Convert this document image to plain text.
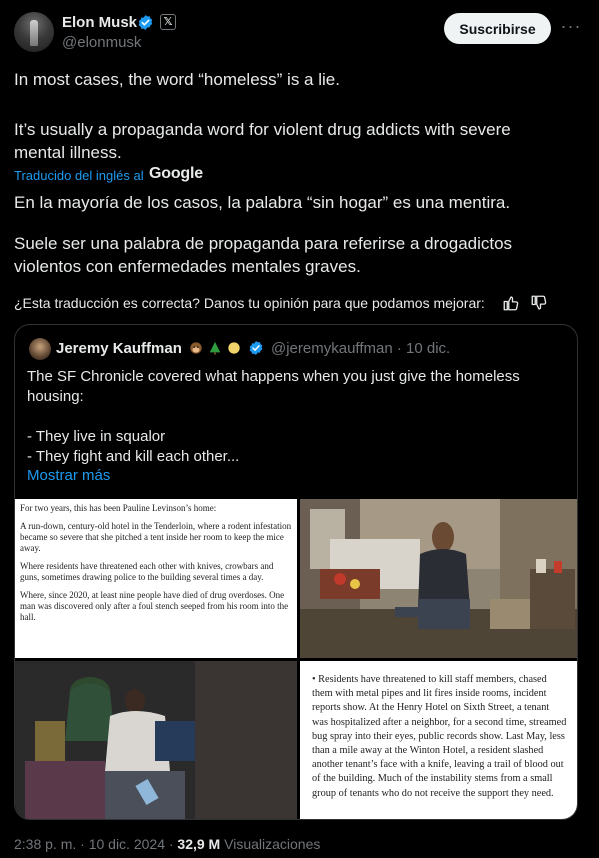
Elon Musk	𝕏
@elonmusk
Suscribirse	···
In most cases, the word “homeless” is a lie.
It’s usually a propaganda word for violent drug addicts with severe mental illness.
Traducido del inglés al Google
En la mayoría de los casos, la palabra “sin hogar” es una mentira.
Suele ser una palabra de propaganda para referirse a drogadictos violentos con enfermedades mentales graves.
¿Esta traducción es correcta? Danos tu opinión para que podamos mejorar:
Jeremy Kauffman	@jeremykauffman · 10 dic.
The SF Chronicle covered what happens when you just give the homeless
housing:
- They live in squalor
- They fight and kill each other...
Mostrar más

For two years, this has been Pauline Levinson’s home:

A run-down, century-old hotel in the Tenderloin, where a rodent infestation became so severe that she pitched a tent inside her room to keep the mice away.

Where residents have threatened each other with knives, crowbars and guns, sometimes drawing police to the building several times a day.

Where, since 2020, at least nine people have died of drug overdoses. One man was discovered only after a foul stench seeped from his room into the hall.

• Residents have threatened to kill staff members, chased them with metal pipes and lit fires inside rooms, incident reports show. At the Henry Hotel on Sixth Street, a tenant was hospitalized after a neighbor, for a second time, streamed bug spray into their eyes, public records show. Last May, less than a mile away at the Winton Hotel, a resident slashed another tenant’s face with a knife, leaving a trail of blood out of the building. Much of the instability stems from a small group of tenants who do not receive the support they need.

2:38 p. m. · 10 dic. 2024 · 32,9 M Visualizaciones
